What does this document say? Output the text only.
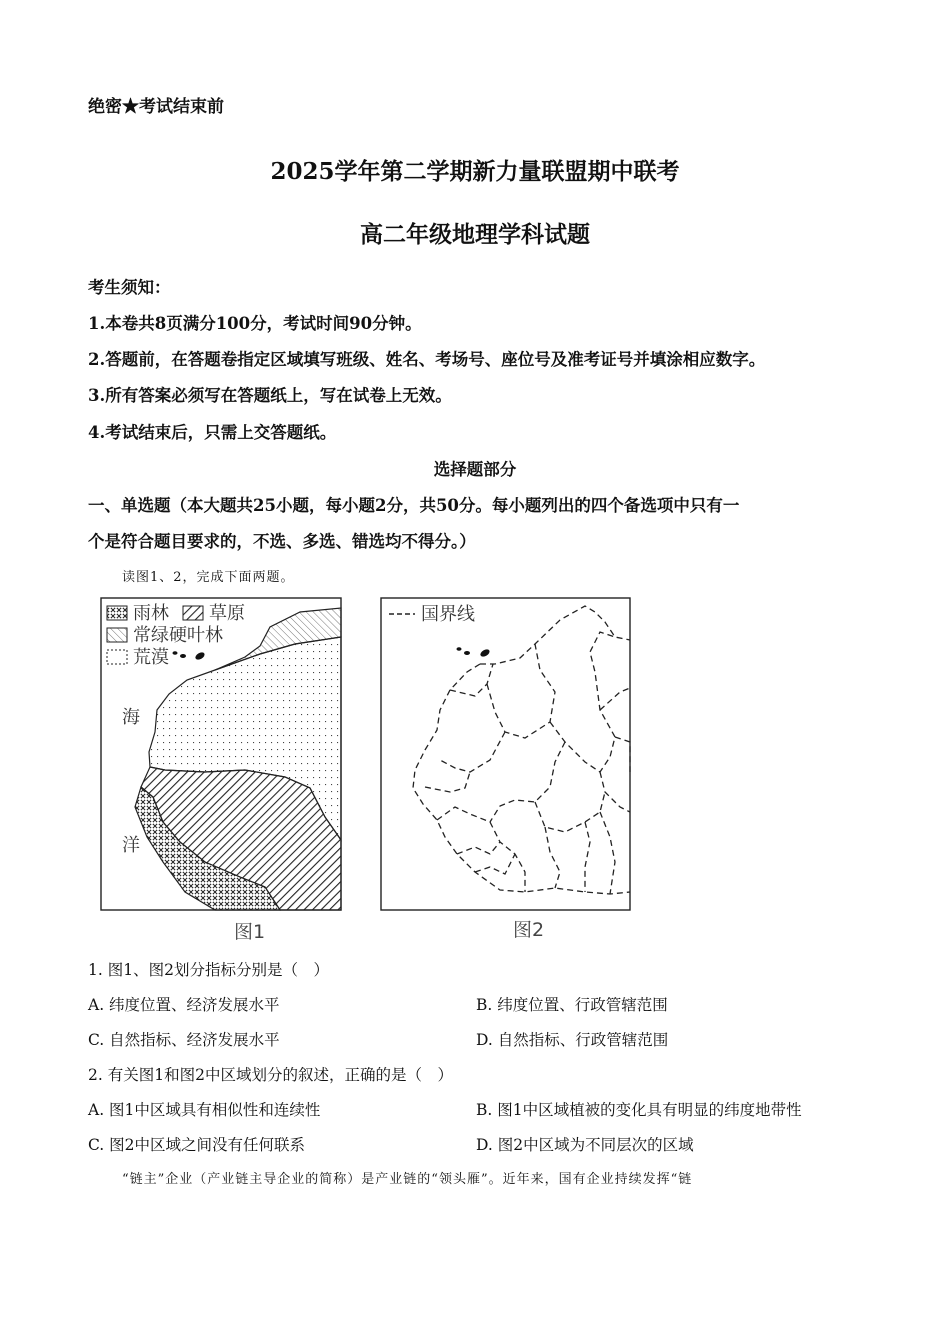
绝密★考试结束前
2025学年第二学期新力量联盟期中联考
高二年级地理学科试题
考生须知：
1.本卷共8页满分100分，考试时间90分钟。
2.答题前，在答题卷指定区域填写班级、姓名、考场号、座位号及准考证号并填涂相应数字。
3.所有答案必须写在答题纸上，写在试卷上无效。
4.考试结束后，只需上交答题纸。
选择题部分
一、单选题（本大题共25小题，每小题2分，共50分。每小题列出的四个备选项中只有一
个是符合题目要求的，不选、多选、错选均不得分。）
读图1、2，完成下面两题。
雨林 草原
常绿硬叶林
荒漠
海
洋
图1
国界线
图2
1. 图1、图2划分指标分别是（　）
A. 纬度位置、经济发展水平	B. 纬度位置、行政管辖范围
C. 自然指标、经济发展水平	D. 自然指标、行政管辖范围
2. 有关图1和图2中区域划分的叙述，正确的是（　）
A. 图1中区域具有相似性和连续性	B. 图1中区域植被的变化具有明显的纬度地带性
C. 图2中区域之间没有任何联系	D. 图2中区域为不同层次的区域
“链主”企业（产业链主导企业的简称）是产业链的“领头雁”。近年来，国有企业持续发挥“链
